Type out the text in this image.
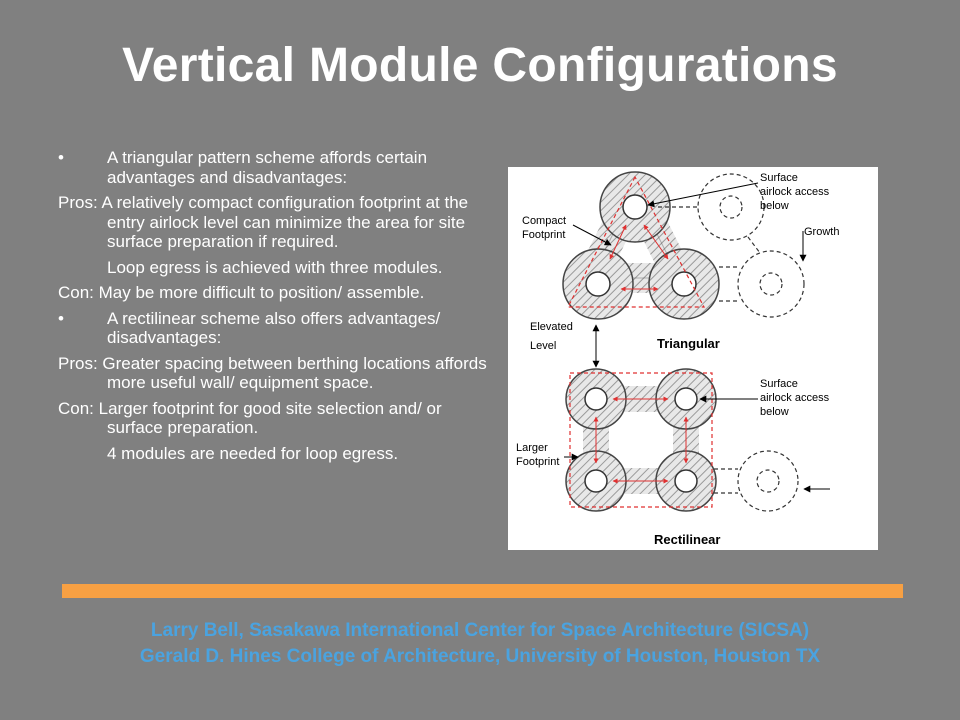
Vertical Module Configurations
•	A triangular pattern scheme affords certain advantages and disadvantages:
Pros: A relatively compact configuration footprint at the entry airlock level can minimize the area for site surface preparation if required.
Loop egress is achieved with three modules.
Con: May be more difficult to position/ assemble.
•	A rectilinear scheme also offers advantages/ disadvantages:
Pros: Greater spacing between berthing locations affords more useful wall/ equipment space.
Con: Larger footprint for good site selection and/ or surface preparation.
4 modules are needed for loop egress.
Surface
airlock access
below
Compact
Footprint	Growth
Elevated
Level	Triangular
Surface
airlock access
below
Larger
Footprint
Rectilinear
Larry Bell, Sasakawa International Center for Space Architecture (SICSA)
Gerald D. Hines College of Architecture, University of Houston, Houston TX
